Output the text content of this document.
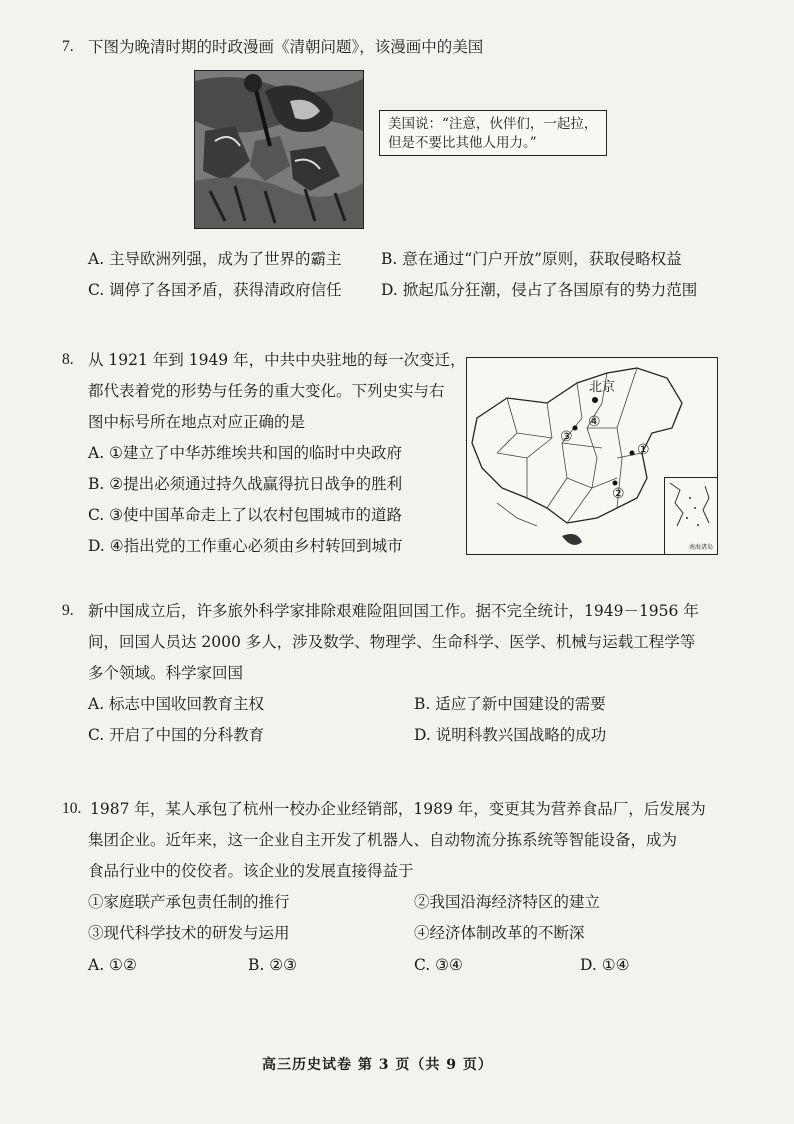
7. 下图为晚清时期的时政漫画《清朝问题》，该漫画中的美国
美国说：“注意，伙伴们，一起拉，
但是不要比其他人用力。”
A. 主导欧洲列强，成为了世界的霸主	B. 意在通过“门户开放”原则，获取侵略权益
C. 调停了各国矛盾，获得清政府信任	D. 掀起瓜分狂潮，侵占了各国原有的势力范围
8. 从 1921 年到 1949 年，中共中央驻地的每一次变迁，
都代表着党的形势与任务的重大变化。下列史实与右
图中标号所在地点对应正确的是
A. ①建立了中华苏维埃共和国的临时中央政府
B. ②提出必须通过持久战赢得抗日战争的胜利
C. ③使中国革命走上了以农村包围城市的道路
D. ④指出党的工作重心必须由乡村转回到城市
北京
①
②
③
④
南海诸岛
9. 新中国成立后，许多旅外科学家排除艰难险阻回国工作。据不完全统计，1949－1956 年
间，回国人员达 2000 多人，涉及数学、物理学、生命科学、医学、机械与运载工程学等
多个领域。科学家回国
A. 标志中国收回教育主权	B. 适应了新中国建设的需要
C. 开启了中国的分科教育	D. 说明科教兴国战略的成功
10. 1987 年，某人承包了杭州一校办企业经销部，1989 年，变更其为营养食品厂，后发展为
集团企业。近年来，这一企业自主开发了机器人、自动物流分拣系统等智能设备，成为
食品行业中的佼佼者。该企业的发展直接得益于
①家庭联产承包责任制的推行	②我国沿海经济特区的建立
③现代科学技术的研发与运用	④经济体制改革的不断深
A. ①②	B. ②③	C. ③④	D. ①④
高三历史试卷 第 3 页（共 9 页）
